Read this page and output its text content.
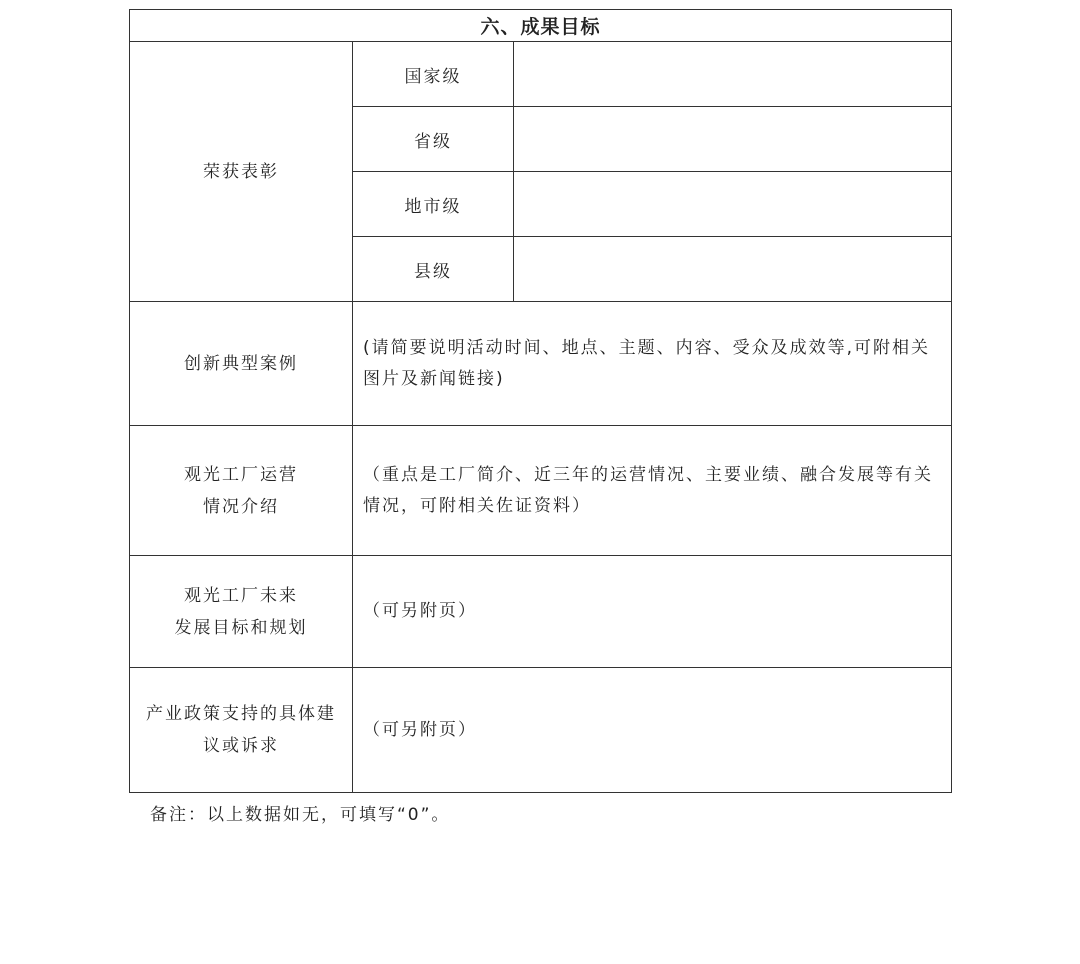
六、成果目标		
荣获表彰	国家级	
	省级	
	地市级	
	县级	

创新典型案例	(请简要说明活动时间、地点、主题、内容、受众及成效等,可附相关图片及新闻链接)	

观光工厂运营
情况介绍	（重点是工厂简介、近三年的运营情况、主要业绩、融合发展等有关情况，可附相关佐证资料）	

观光工厂未来
发展目标和规划	（可另附页）	

产业政策支持的具体建
议或诉求	（可另附页）	
备注：以上数据如无，可填写“0”。
